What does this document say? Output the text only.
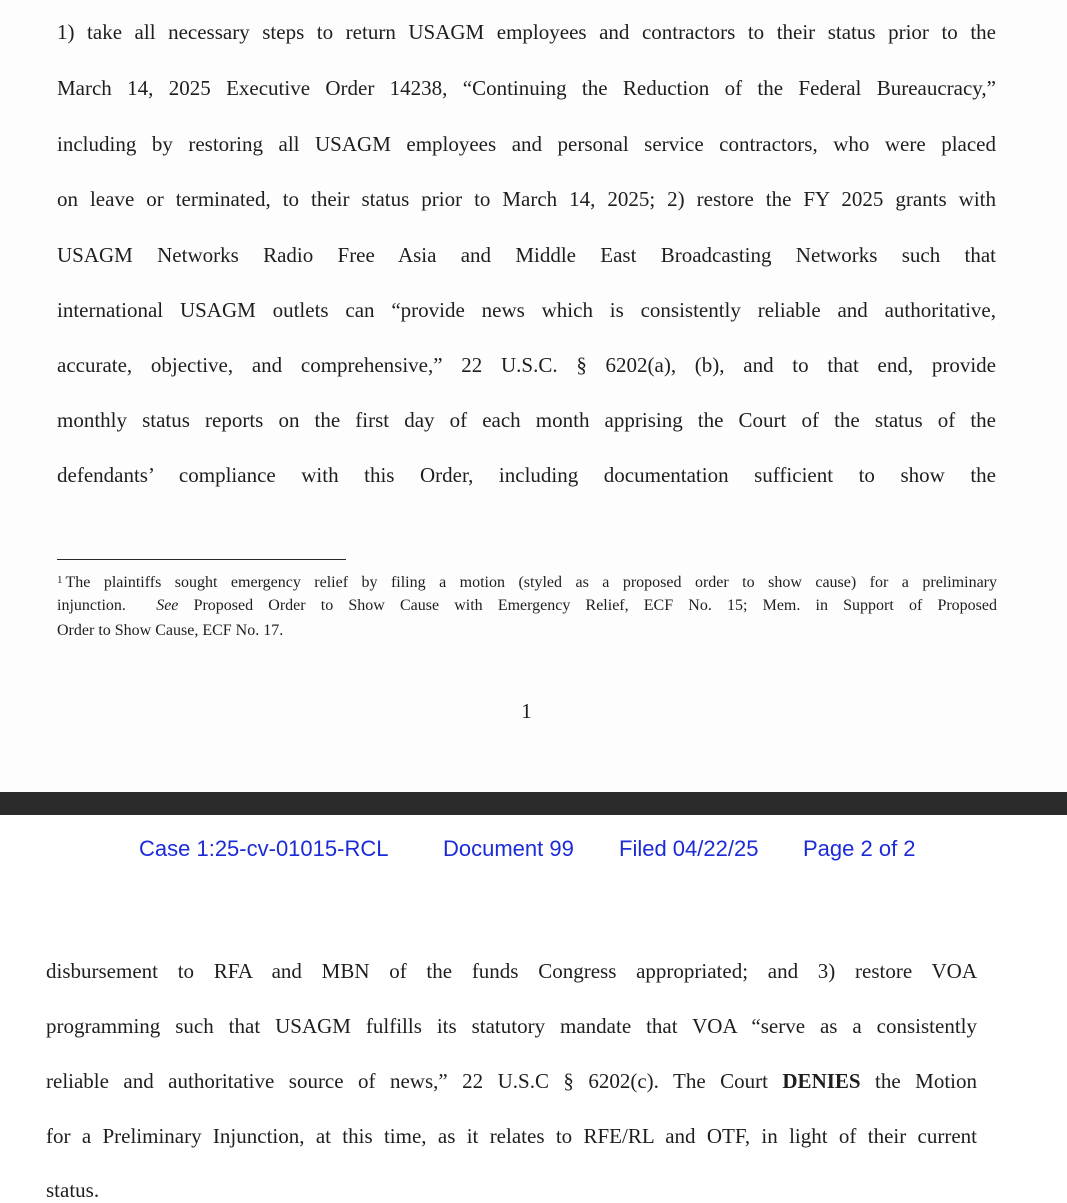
1) take all necessary steps to return USAGM employees and contractors to their status prior to the
March 14, 2025 Executive Order 14238, “Continuing the Reduction of the Federal Bureaucracy,”
including by restoring all USAGM employees and personal service contractors, who were placed
on leave or terminated, to their status prior to March 14, 2025; 2) restore the FY 2025 grants with
USAGM Networks Radio Free Asia and Middle East Broadcasting Networks such that
international USAGM outlets can “provide news which is consistently reliable and authoritative,
accurate, objective, and comprehensive,” 22 U.S.C. § 6202(a), (b), and to that end, provide
monthly status reports on the first day of each month apprising the Court of the status of the
defendants’ compliance with this Order, including documentation sufficient to show the
$^1$ The plaintiffs sought emergency relief by filing a motion (styled as a proposed order to show cause) for a preliminary
injunction. See Proposed Order to Show Cause with Emergency Relief, ECF No. 15; Mem. in Support of Proposed
Order to Show Cause, ECF No. 17.
1
Case 1:25-cv-01015-RCL Document 99 Filed 04/22/25 Page 2 of 2
disbursement to RFA and MBN of the funds Congress appropriated; and 3) restore VOA
programming such that USAGM fulfills its statutory mandate that VOA “serve as a consistently
reliable and authoritative source of news,” 22 U.S.C § 6202(c). The Court DENIES the Motion
for a Preliminary Injunction, at this time, as it relates to RFE/RL and OTF, in light of their current
status.
